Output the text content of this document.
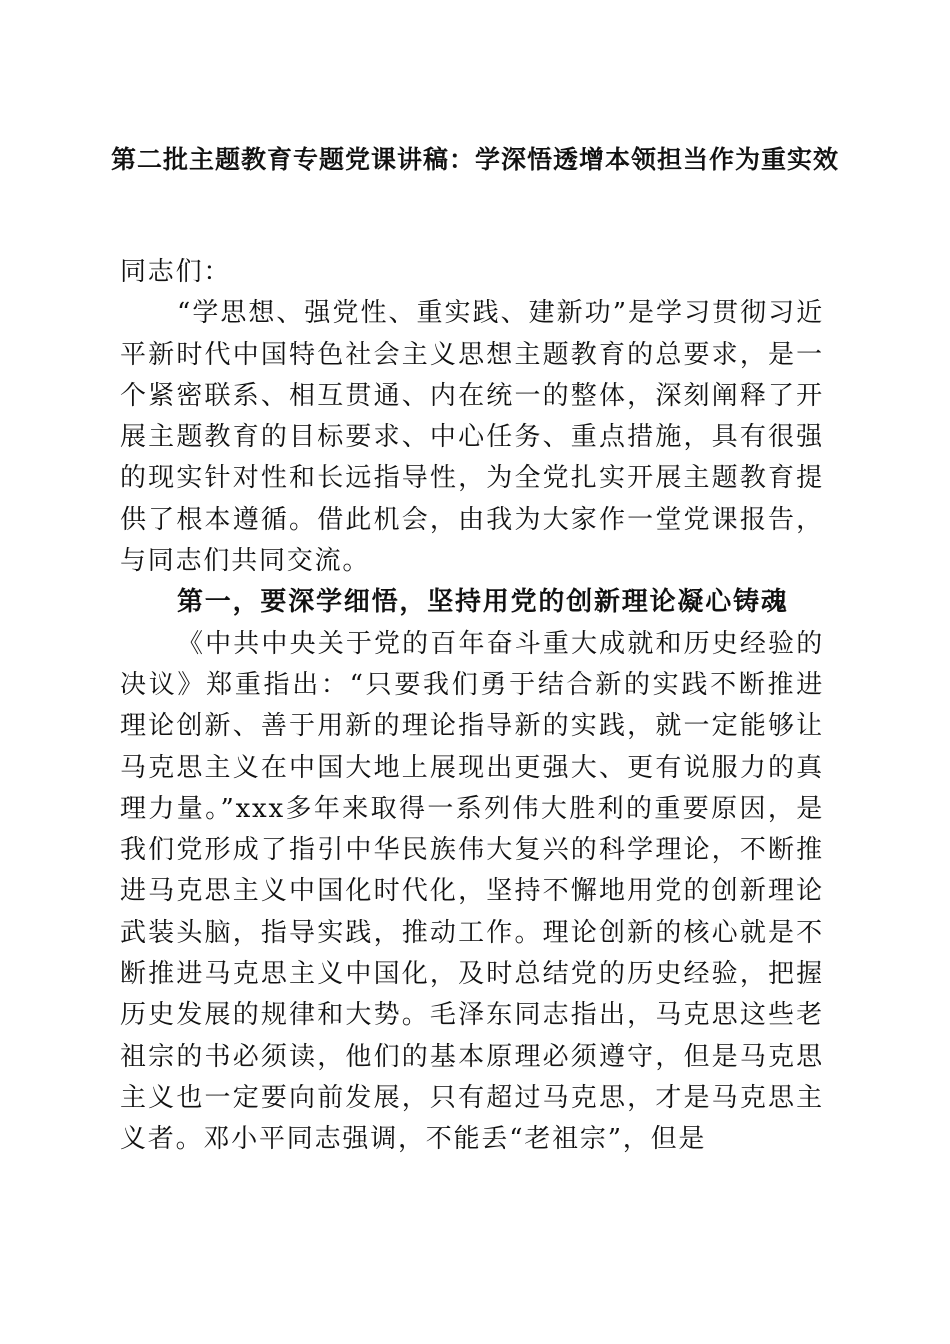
第二批主题教育专题党课讲稿：学深悟透增本领担当作为重实效

同志们：

“学思想、强党性、重实践、建新功”是学习贯彻习近平新时代中国特色社会主义思想主题教育的总要求，是一个紧密联系、相互贯通、内在统一的整体，深刻阐释了开展主题教育的目标要求、中心任务、重点措施，具有很强的现实针对性和长远指导性，为全党扎实开展主题教育提供了根本遵循。借此机会，由我为大家作一堂党课报告，与同志们共同交流。

第一，要深学细悟，坚持用党的创新理论凝心铸魂

《中共中央关于党的百年奋斗重大成就和历史经验的决议》郑重指出：“只要我们勇于结合新的实践不断推进理论创新、善于用新的理论指导新的实践，就一定能够让马克思主义在中国大地上展现出更强大、更有说服力的真理力量。”xxx多年来取得一系列伟大胜利的重要原因，是我们党形成了指引中华民族伟大复兴的科学理论，不断推进马克思主义中国化时代化，坚持不懈地用党的创新理论武装头脑，指导实践，推动工作。理论创新的核心就是不断推进马克思主义中国化，及时总结党的历史经验，把握历史发展的规律和大势。毛泽东同志指出，马克思这些老祖宗的书必须读，他们的基本原理必须遵守，但是马克思主义也一定要向前发展，只有超过马克思，才是马克思主义者。邓小平同志强调，不能丢“老祖宗”，但是
